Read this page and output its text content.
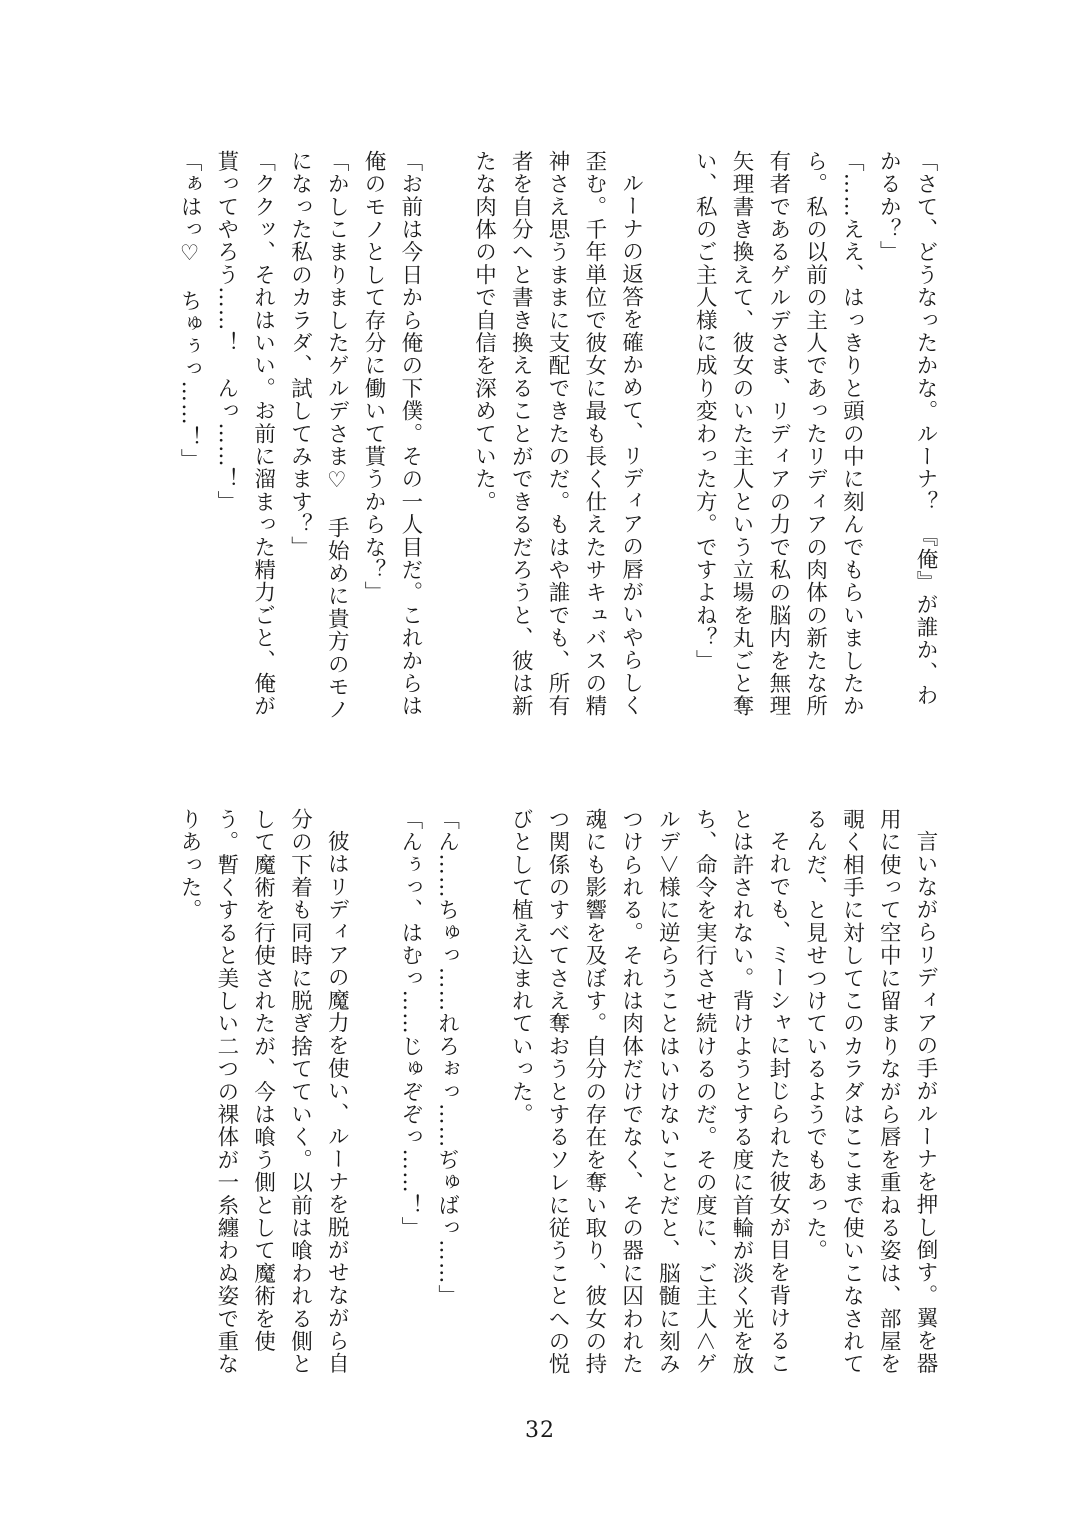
「さて、どうなったかな。ルーナ？　『俺』が誰か、わかるか？」

「……ええ、はっきりと頭の中に刻んでもらいましたから。私の以前の主人であったリディアの肉体の新たな所有者であるゲルデさま、リディアの力で私の脳内を無理矢理書き換えて、彼女のいた主人という立場を丸ごと奪い、私のご主人様に成り変わった方。ですよね？」

ルーナの返答を確かめて、リディアの唇がいやらしく歪む。千年単位で彼女に最も長く仕えたサキュバスの精神さえ思うままに支配できたのだ。もはや誰でも、所有者を自分へと書き換えることができるだろうと、彼は新たな肉体の中で自信を深めていた。

「お前は今日から俺の下僕。その一人目だ。これからは俺のモノとして存分に働いて貰うからな？」

「かしこまりましたゲルデさま♡　手始めに貴方のモノになった私のカラダ、試してみます？」

「ククッ、それはいい。お前に溜まった精力ごと、俺が貰ってやろう……！　んっ……！」

「ぁはっ♡　ちゅぅっ……！」

言いながらリディアの手がルーナを押し倒す。翼を器用に使って空中に留まりながら唇を重ねる姿は、部屋を覗く相手に対してこのカラダはここまで使いこなされてるんだ、と見せつけているようでもあった。

それでも、ミーシャに封じられた彼女が目を背けることは許されない。背けようとする度に首輪が淡く光を放ち、命令を実行させ続けるのだ。その度に、ご主人＜ゲルデ＞様に逆らうことはいけないことだと、脳髄に刻みつけられる。それは肉体だけでなく、その器に囚われた魂にも影響を及ぼす。自分の存在を奪い取り、彼女の持つ関係のすべてさえ奪おうとするソレに従うことへの悦びとして植え込まれていった。

「ん……ちゅっ……れろぉっ……ぢゅばっ……」

「んぅっ、はむっ……じゅぞぞっ……！」

彼はリディアの魔力を使い、ルーナを脱がせながら自分の下着も同時に脱ぎ捨てていく。以前は喰われる側として魔術を行使されたが、今は喰う側として魔術を使う。暫くすると美しい二つの裸体が一糸纏わぬ姿で重なりあった。

32
